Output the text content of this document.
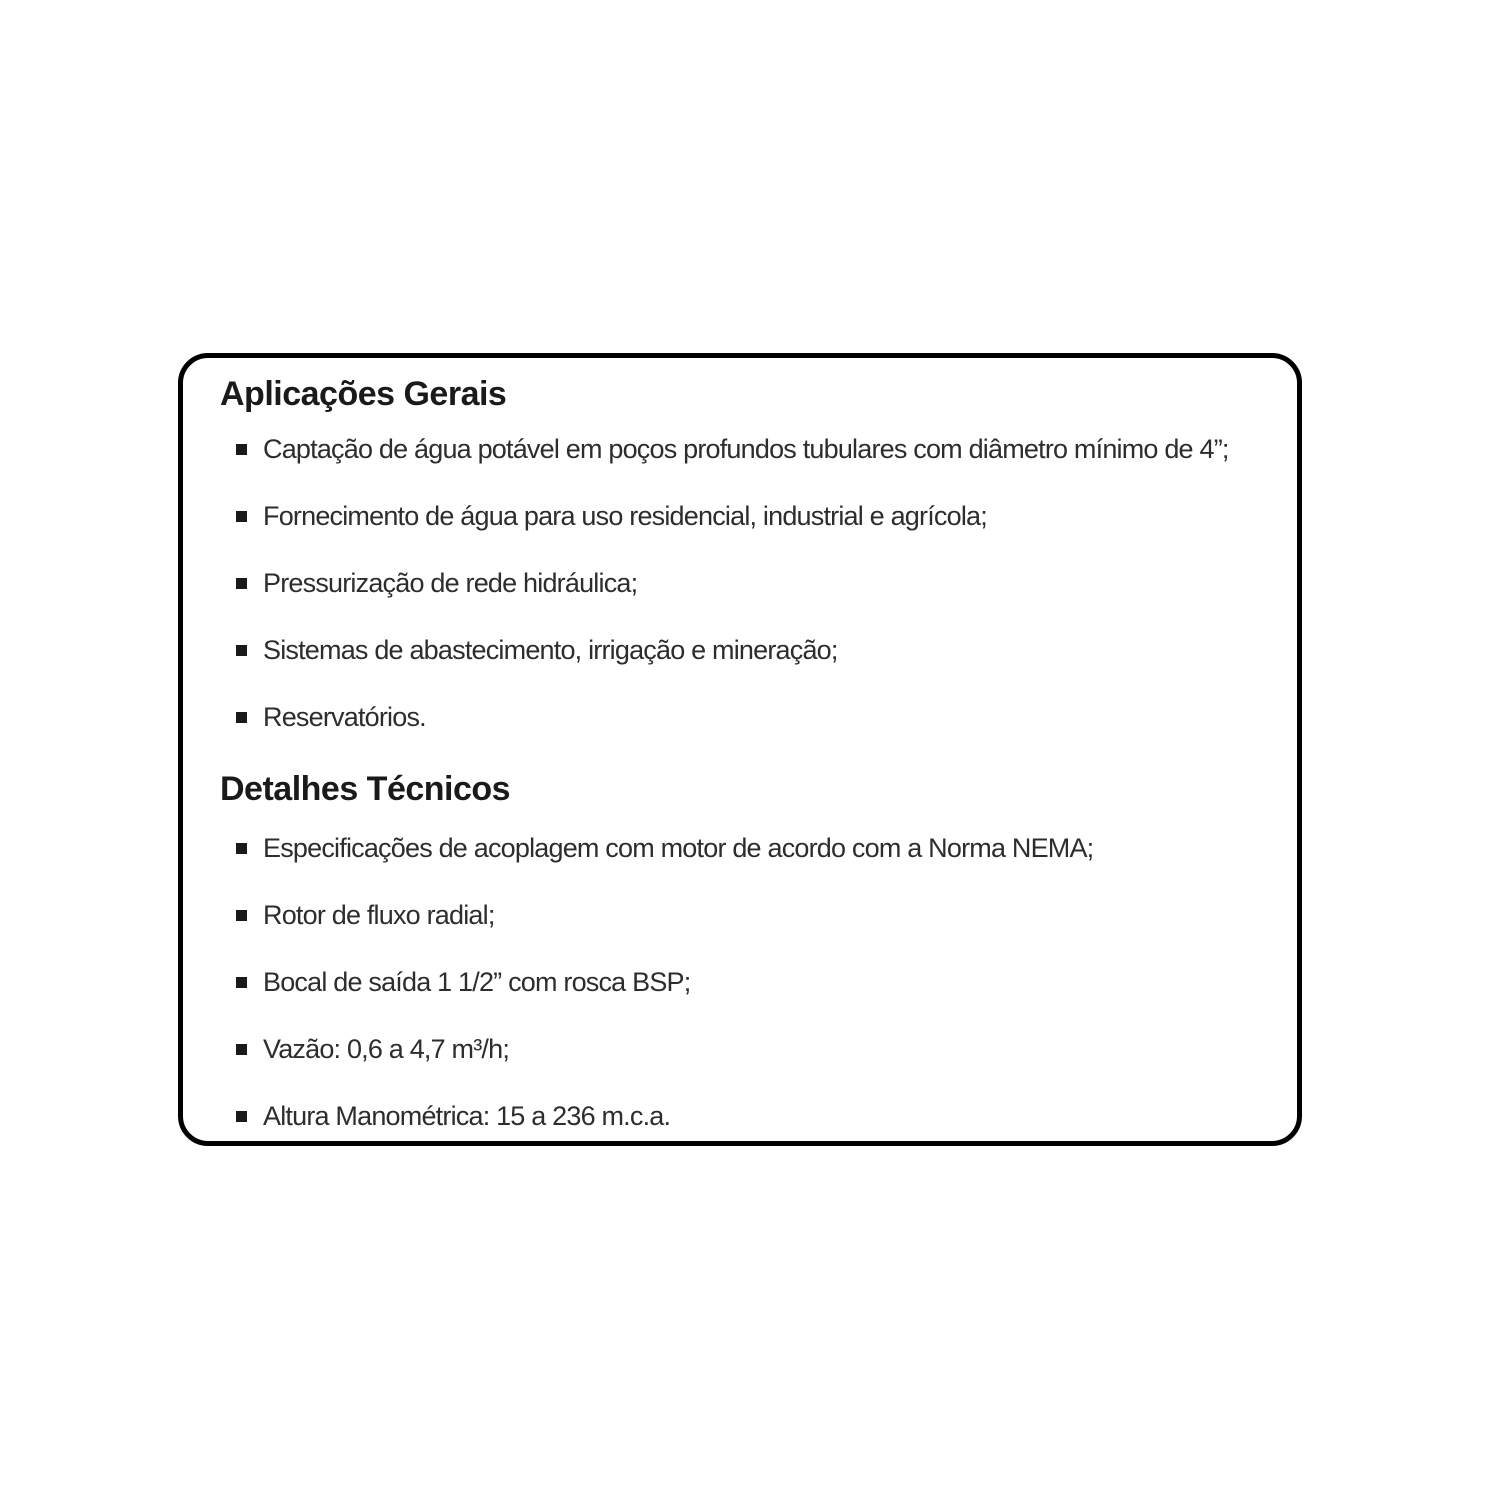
Aplicações Gerais
Captação de água potável em poços profundos tubulares com diâmetro mínimo de 4”;
Fornecimento de água para uso residencial, industrial e agrícola;
Pressurização de rede hidráulica;
Sistemas de abastecimento, irrigação e mineração;
Reservatórios.
Detalhes Técnicos
Especificações de acoplagem com motor de acordo com a Norma NEMA;
Rotor de fluxo radial;
Bocal de saída 1 1/2” com rosca BSP;
Vazão: 0,6 a 4,7 m³/h;
Altura Manométrica: 15 a 236 m.c.a.
